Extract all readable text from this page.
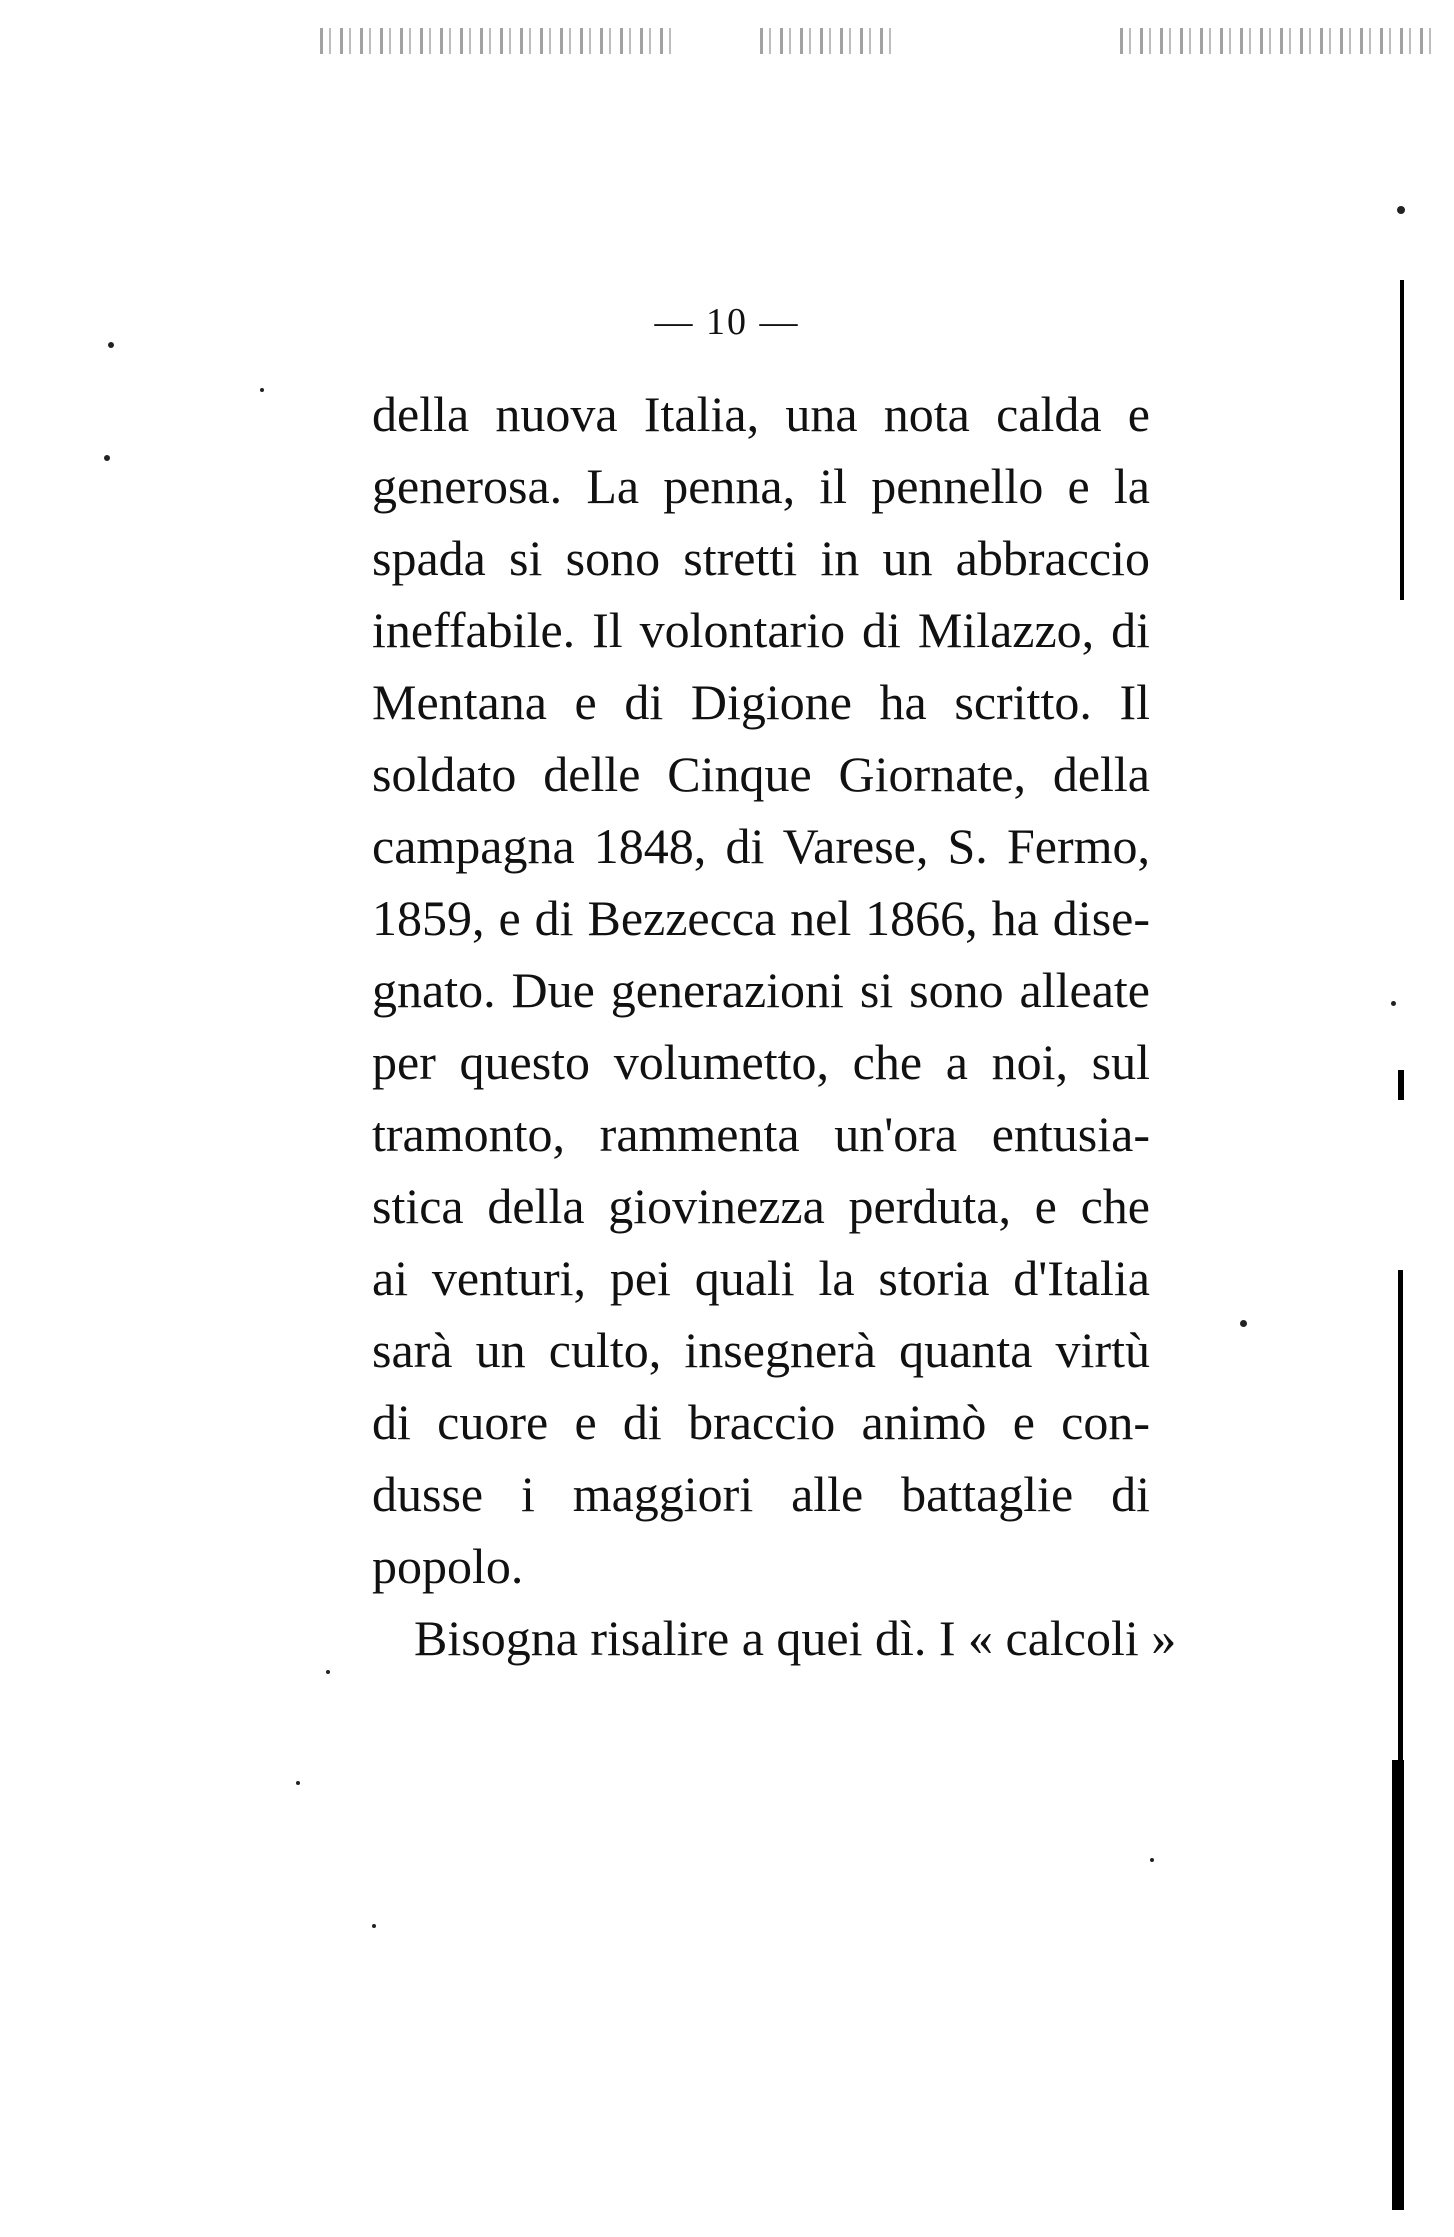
— 10 —
della nuova Italia, una nota calda e
generosa. La penna, il pennello e la
spada si sono stretti in un abbraccio
ineffabile. Il volontario di Milazzo, di
Mentana e di Digione ha scritto. Il
soldato delle Cinque Giornate, della
campagna 1848, di Varese, S. Fermo,
1859, e di Bezzecca nel 1866, ha dise-
gnato. Due generazioni si sono alleate
per questo volumetto, che a noi, sul
tramonto, rammenta un'ora entusia-
stica della giovinezza perduta, e che
ai venturi, pei quali la storia d'Italia
sarà un culto, insegnerà quanta virtù
di cuore e di braccio animò e con-
dusse i maggiori alle battaglie di
popolo.
Bisogna risalire a quei dì. I « calcoli »
